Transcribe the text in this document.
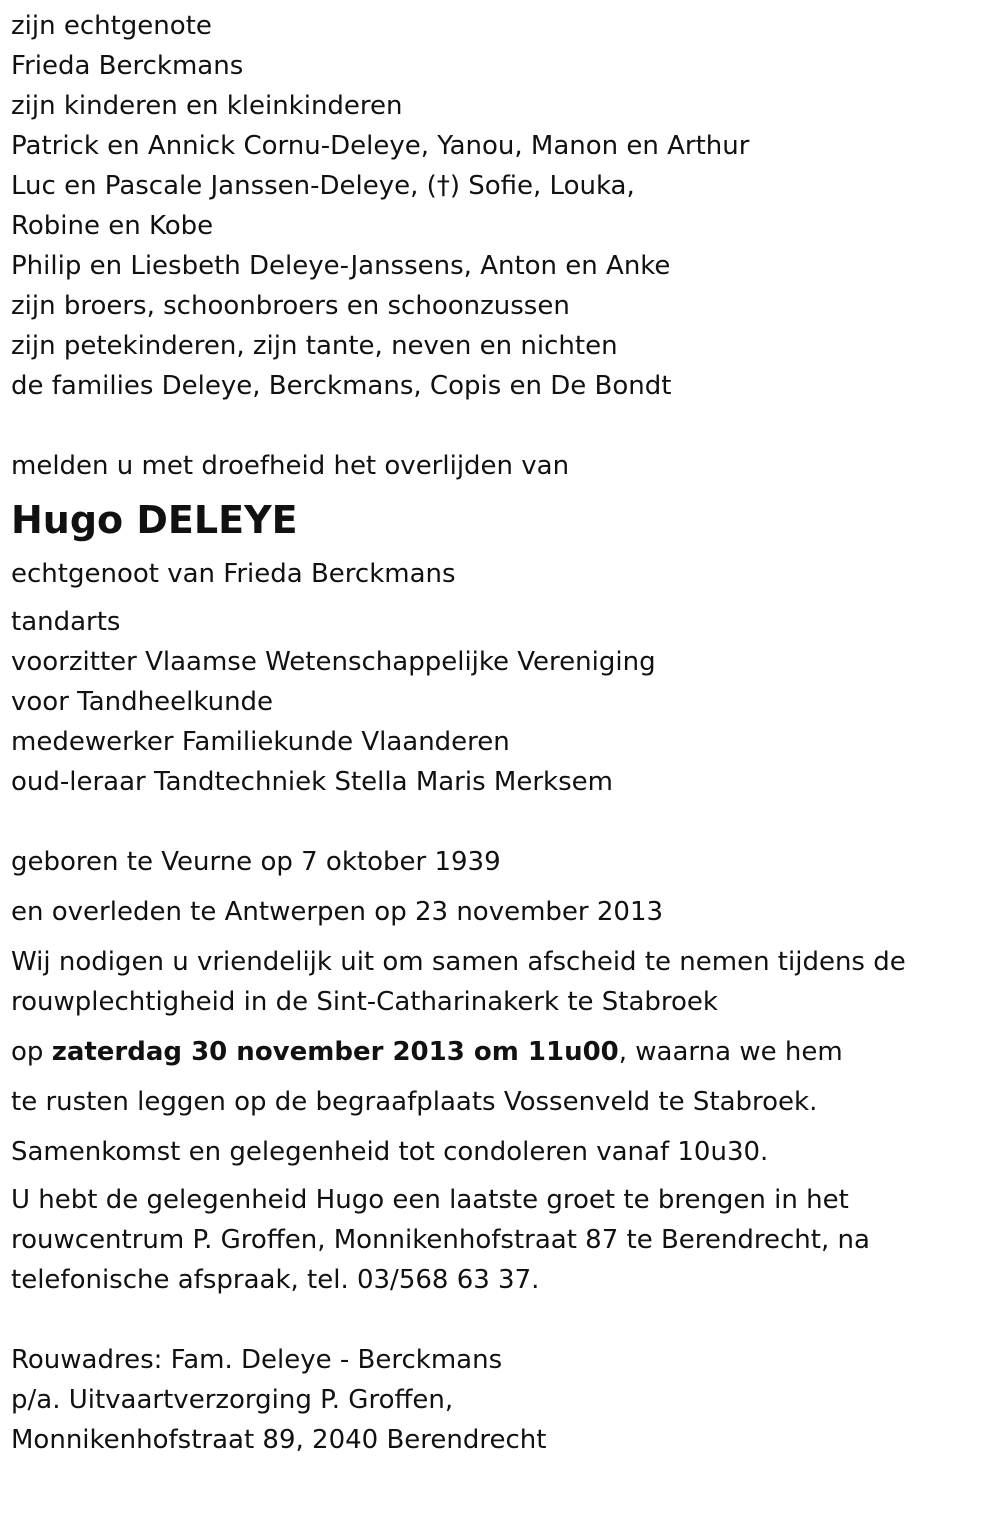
zijn echtgenote

Frieda Berckmans

zijn kinderen en kleinkinderen

Patrick en Annick Cornu-Deleye, Yanou, Manon en Arthur

Luc en Pascale Janssen-Deleye, (†) Sofie, Louka,

Robine en Kobe

Philip en Liesbeth Deleye-Janssens, Anton en Anke

zijn broers, schoonbroers en schoonzussen

zijn petekinderen, zijn tante, neven en nichten

de families Deleye, Berckmans, Copis en De Bondt

melden u met droefheid het overlijden van

Hugo DELEYE

echtgenoot van Frieda Berckmans

tandarts

voorzitter Vlaamse Wetenschappelijke Vereniging

voor Tandheelkunde

medewerker Familiekunde Vlaanderen

oud-leraar Tandtechniek Stella Maris Merksem

geboren te Veurne op 7 oktober 1939

en overleden te Antwerpen op 23 november 2013

Wij nodigen u vriendelijk uit om samen afscheid te nemen tijdens de rouwplechtigheid in de Sint-Catharinakerk te Stabroek

op zaterdag 30 november 2013 om 11u00, waarna we hem

te rusten leggen op de begraafplaats Vossenveld te Stabroek.

Samenkomst en gelegenheid tot condoleren vanaf 10u30.

U hebt de gelegenheid Hugo een laatste groet te brengen in het rouwcentrum P. Groffen, Monnikenhofstraat 87 te Berendrecht, na telefonische afspraak, tel. 03/568 63 37.

Rouwadres: Fam. Deleye - Berckmans

p/a. Uitvaartverzorging P. Groffen,

Monnikenhofstraat 89, 2040 Berendrecht
